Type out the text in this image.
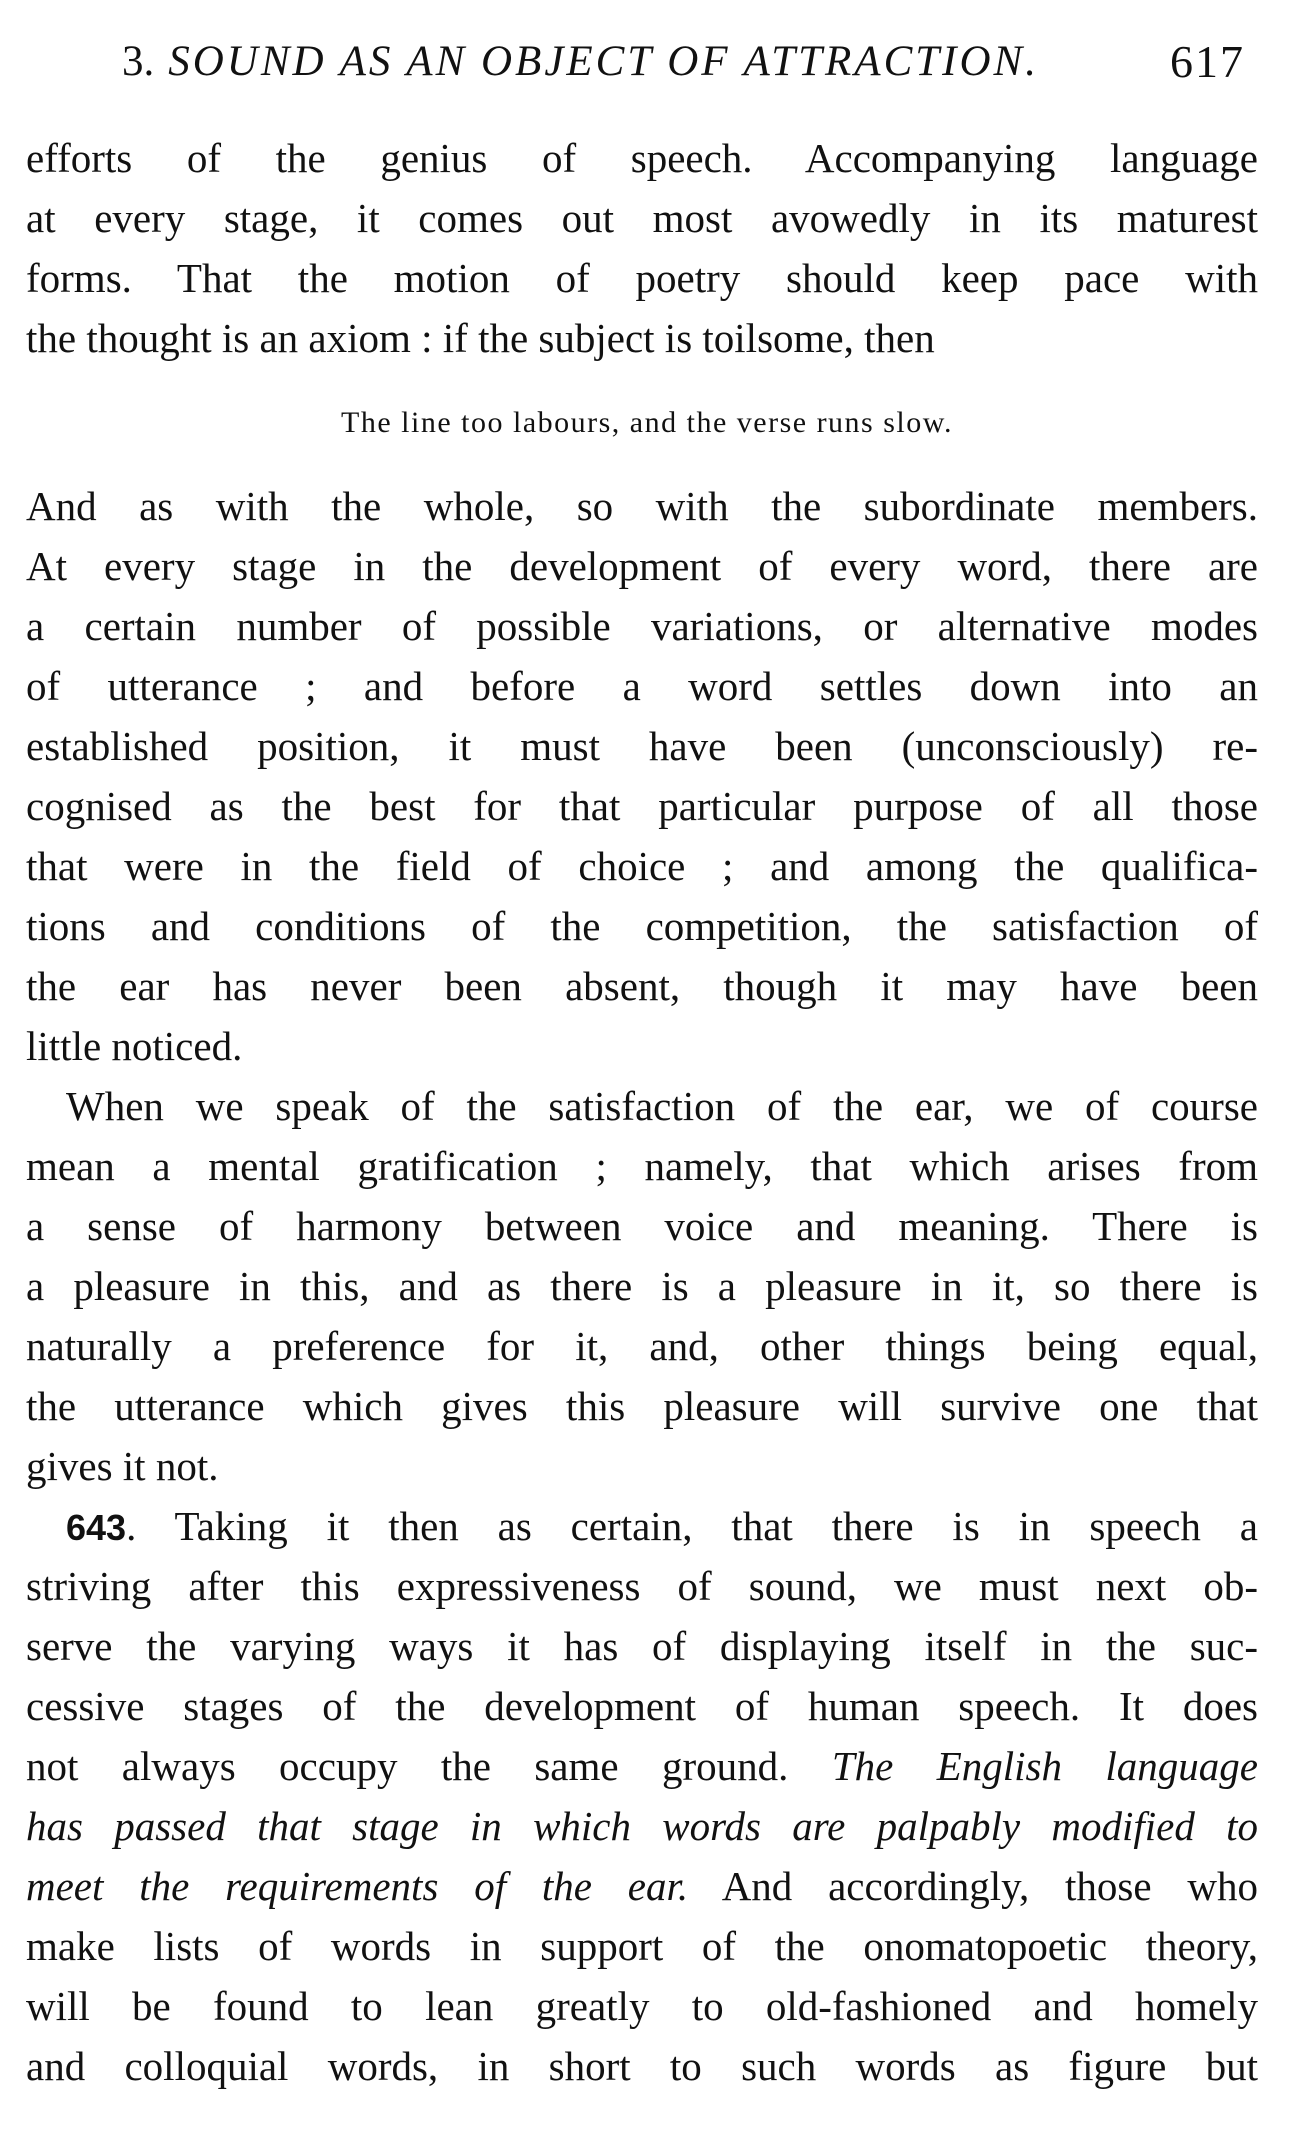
3. SOUND AS AN OBJECT OF ATTRACTION.	617
efforts of the genius of speech. Accompanying language
at every stage, it comes out most avowedly in its maturest
forms. That the motion of poetry should keep pace with
the thought is an axiom : if the subject is toilsome, then
The line too labours, and the verse runs slow.
And as with the whole, so with the subordinate members.
At every stage in the development of every word, there are
a certain number of possible variations, or alternative modes
of utterance ; and before a word settles down into an
established position, it must have been (unconsciously) re-
cognised as the best for that particular purpose of all those
that were in the field of choice ; and among the qualifica-
tions and conditions of the competition, the satisfaction of
the ear has never been absent, though it may have been
little noticed.
When we speak of the satisfaction of the ear, we of course
mean a mental gratification ; namely, that which arises from
a sense of harmony between voice and meaning. There is
a pleasure in this, and as there is a pleasure in it, so there is
naturally a preference for it, and, other things being equal,
the utterance which gives this pleasure will survive one that
gives it not.
643. Taking it then as certain, that there is in speech a
striving after this expressiveness of sound, we must next ob-
serve the varying ways it has of displaying itself in the suc-
cessive stages of the development of human speech. It does
not always occupy the same ground. The English language
has passed that stage in which words are palpably modified to
meet the requirements of the ear. And accordingly, those who
make lists of words in support of the onomatopoetic theory,
will be found to lean greatly to old-fashioned and homely
and colloquial words, in short to such words as figure but
